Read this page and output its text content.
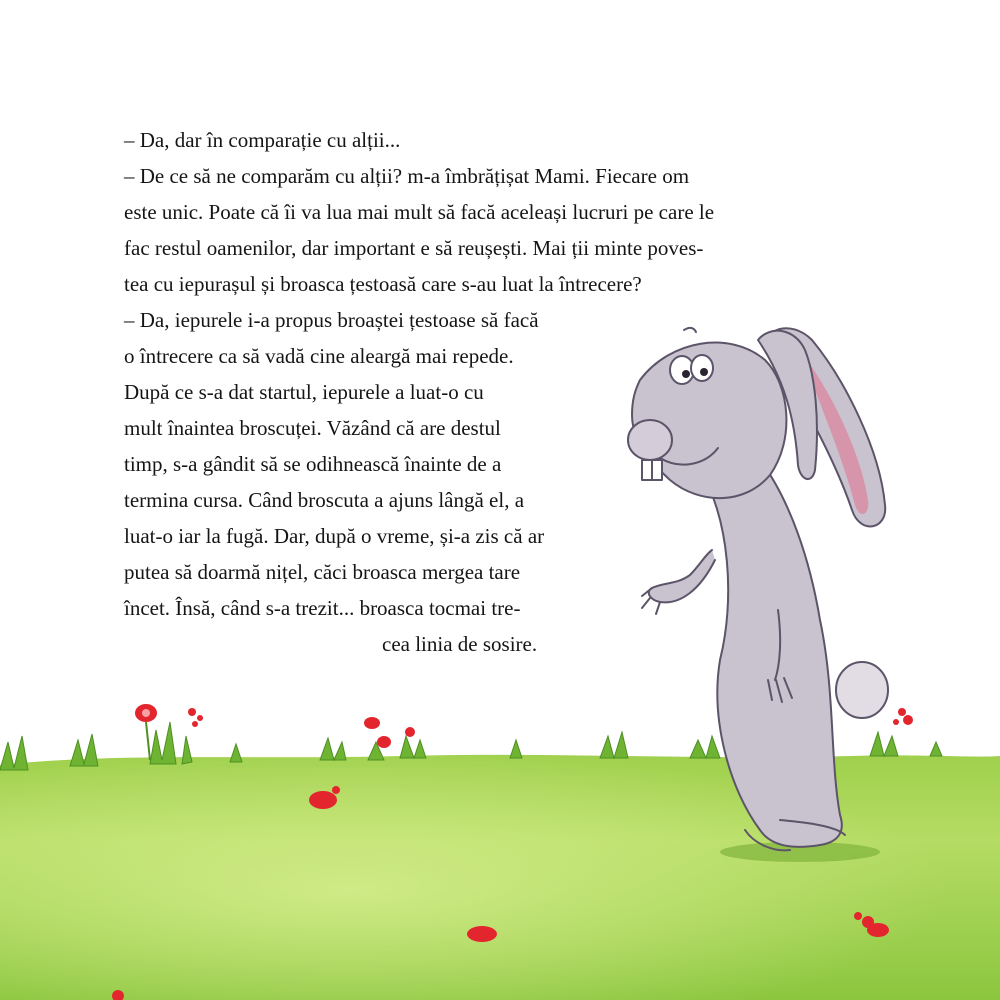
– Da, dar în comparație cu alții...
– De ce să ne comparăm cu alții? m-a îmbrățișat Mami. Fiecare om
este unic. Poate că îi va lua mai mult să facă aceleași lucruri pe care le
fac restul oamenilor, dar important e să reușești. Mai ții minte poves-
tea cu iepurașul și broasca țestoasă care s-au luat la întrecere?
– Da, iepurele i-a propus broaștei țestoase să facă
o întrecere ca să vadă cine aleargă mai repede.
După ce s-a dat startul, iepurele a luat-o cu
mult înaintea broscuței. Văzând că are destul
timp, s-a gândit să se odihnească înainte de a
termina cursa. Când broscuta a ajuns lângă el, a
luat-o iar la fugă. Dar, după o vreme, și-a zis că ar
putea să doarmă nițel, căci broasca mergea tare
încet. Însă, când s-a trezit... broasca tocmai tre-
cea linia de sosire.
